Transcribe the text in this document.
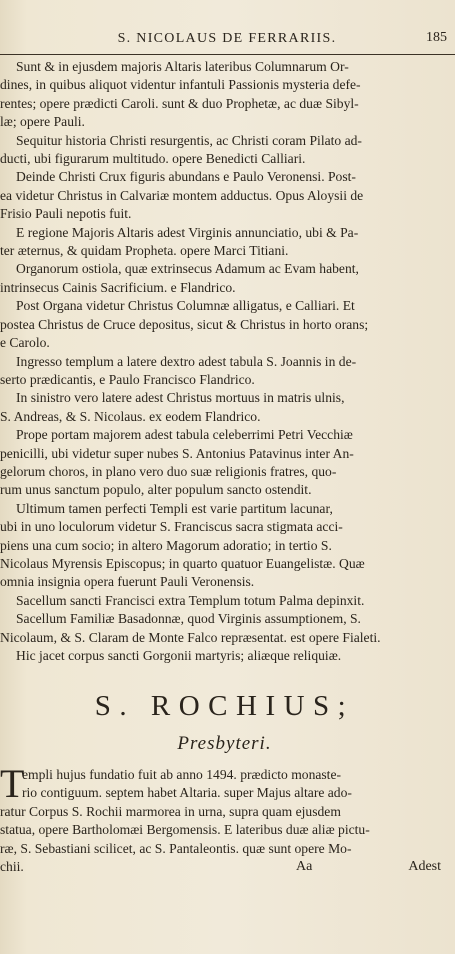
S. NICOLAUS DE FERRARIIS.	185

Sunt & in ejusdem majoris Altaris lateribus Columnarum Or-
dines, in quibus aliquot videntur infantuli Passionis mysteria defe-
rentes; opere prædicti Caroli. sunt & duo Prophetæ, ac duæ Sibyl-
læ; opere Pauli.

Sequitur historia Christi resurgentis, ac Christi coram Pilato ad-
ducti, ubi figurarum multitudo. opere Benedicti Calliari.

Deinde Christi Crux figuris abundans e Paulo Veronensi. Post-
ea videtur Christus in Calvariæ montem adductus. Opus Aloysii de
Frisio Pauli nepotis fuit.

E regione Majoris Altaris adest Virginis annunciatio, ubi & Pa-
ter æternus, & quidam Propheta. opere Marci Titiani.

Organorum ostiola, quæ extrinsecus Adamum ac Evam habent,
intrinsecus Cainis Sacrificium. e Flandrico.

Post Organa videtur Christus Columnæ alligatus, e Calliari. Et
postea Christus de Cruce depositus, sicut & Christus in horto orans;
e Carolo.

Ingresso templum a latere dextro adest tabula S. Joannis in de-
serto prædicantis, e Paulo Francisco Flandrico.

In sinistro vero latere adest Christus mortuus in matris ulnis,
S. Andreas, & S. Nicolaus. ex eodem Flandrico.

Prope portam majorem adest tabula celeberrimi Petri Vecchiæ
penicilli, ubi videtur super nubes S. Antonius Patavinus inter An-
gelorum choros, in plano vero duo suæ religionis fratres, quo-
rum unus sanctum populo, alter populum sancto ostendit.

Ultimum tamen perfecti Templi est varie partitum lacunar,
ubi in uno loculorum videtur S. Franciscus sacra stigmata acci-
piens una cum socio; in altero Magorum adoratio; in tertio S.
Nicolaus Myrensis Episcopus; in quarto quatuor Euangelistæ. Quæ
omnia insignia opera fuerunt Pauli Veronensis.

Sacellum sancti Francisci extra Templum totum Palma depinxit.

Sacellum Familiæ Basadonnæ, quod Virginis assumptionem, S.
Nicolaum, & S. Claram de Monte Falco repræsentat. est opere Fialeti.

Hic jacet corpus sancti Gorgonii martyris; aliæque reliquiæ.

S. ROCHIUS;
Presbyteri.
T
empli hujus fundatio fuit ab anno 1494. prædicto monaste-
rio contiguum. septem habet Altaria. super Majus altare ado-
ratur Corpus S. Rochii marmorea in urna, supra quam ejusdem
statua, opere Bartholomæi Bergomensis. E lateribus duæ aliæ pictu-
ræ, S. Sebastiani scilicet, ac S. Pantaleontis. quæ sunt opere Mo-
chii.	Aa	Adest
